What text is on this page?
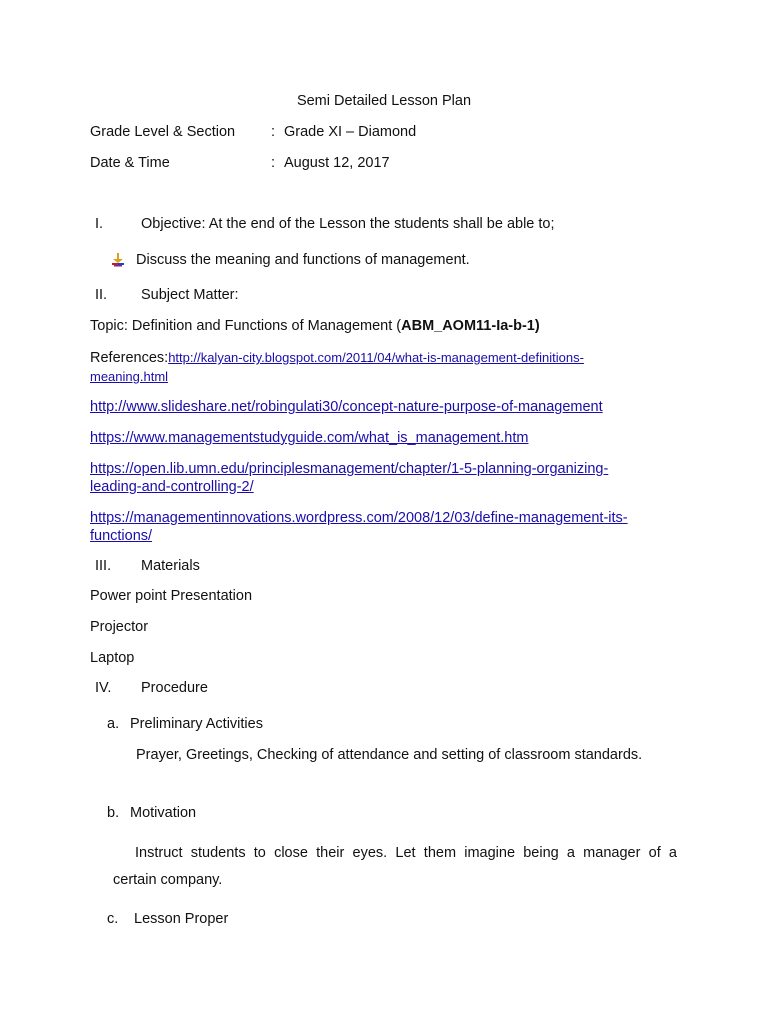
Semi Detailed Lesson Plan
Grade Level & Section : Grade XI – Diamond
Date & Time	: August 12, 2017
I.	Objective: At the end of the Lesson the students shall be able to;
Discuss the meaning and functions of management.
II. Subject Matter:
Topic: Definition and Functions of Management (ABM_AOM11-Ia-b-1)
References:http://kalyan-city.blogspot.com/2011/04/what-is-management-definitions-
meaning.html
http://www.slideshare.net/robingulati30/concept-nature-purpose-of-management
https://www.managementstudyguide.com/what_is_management.htm
https://open.lib.umn.edu/principlesmanagement/chapter/1-5-planning-organizing-
leading-and-controlling-2/
https://managementinnovations.wordpress.com/2008/12/03/define-management-its-
functions/
III. Materials
Power point Presentation
Projector
Laptop
IV. Procedure
a. Preliminary Activities
Prayer, Greetings, Checking of attendance and setting of classroom standards.
b. Motivation
Instruct students to close their eyes. Let them imagine being a manager of a
certain company.
c. Lesson Proper
